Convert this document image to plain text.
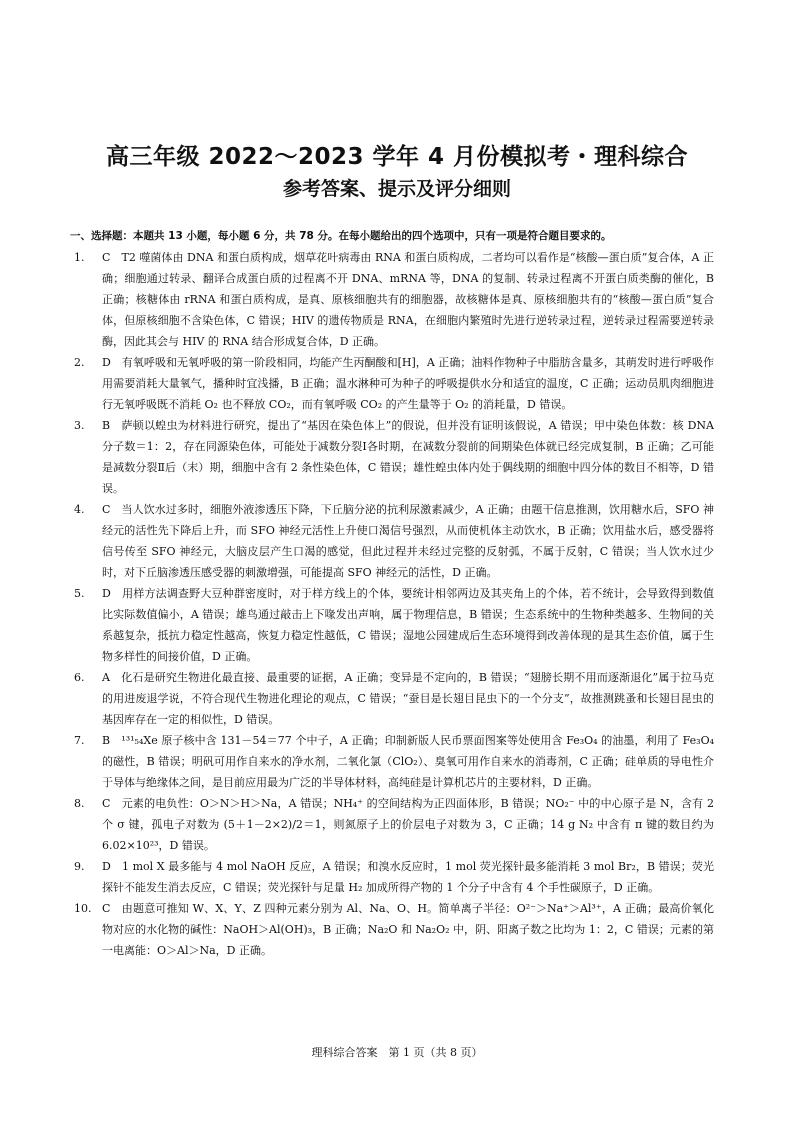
高三年级 2022～2023 学年 4 月份模拟考・理科综合
参考答案、提示及评分细则
一、选择题：本题共 13 小题，每小题 6 分，共 78 分。在每小题给出的四个选项中，只有一项是符合题目要求的。
1.	C　T2 噬菌体由 DNA 和蛋白质构成，烟草花叶病毒由 RNA 和蛋白质构成，二者均可以看作是“核酸—蛋白质”复合体，A 正确；细胞通过转录、翻译合成蛋白质的过程离不开 DNA、mRNA 等，DNA 的复制、转录过程离不开蛋白质类酶的催化，B 正确；核糖体由 rRNA 和蛋白质构成，是真、原核细胞共有的细胞器，故核糖体是真、原核细胞共有的“核酸—蛋白质”复合体，但原核细胞不含染色体，C 错误；HIV 的遗传物质是 RNA，在细胞内繁殖时先进行逆转录过程，逆转录过程需要逆转录酶，因此其会与 HIV 的 RNA 结合形成复合体，D 正确。
2.	D　有氧呼吸和无氧呼吸的第一阶段相同，均能产生丙酮酸和[H]，A 正确；油料作物种子中脂肪含量多，其萌发时进行呼吸作用需要消耗大量氧气，播种时宜浅播，B 正确；温水淋种可为种子的呼吸提供水分和适宜的温度，C 正确；运动员肌肉细胞进行无氧呼吸既不消耗 O₂ 也不释放 CO₂，而有氧呼吸 CO₂ 的产生量等于 O₂ 的消耗量，D 错误。
3.	B　萨顿以蝗虫为材料进行研究，提出了“基因在染色体上”的假说，但并没有证明该假说，A 错误；甲中染色体数：核 DNA 分子数＝1：2，存在同源染色体，可能处于减数分裂Ⅰ各时期，在减数分裂前的间期染色体就已经完成复制，B 正确；乙可能是减数分裂Ⅱ后（末）期，细胞中含有 2 条性染色体，C 错误；雄性蝗虫体内处于偶线期的细胞中四分体的数目不相等，D 错误。
4.	C　当人饮水过多时，细胞外液渗透压下降，下丘脑分泌的抗利尿激素减少，A 正确；由题干信息推测，饮用糖水后，SFO 神经元的活性先下降后上升，而 SFO 神经元活性上升使口渴信号强烈，从而使机体主动饮水，B 正确；饮用盐水后，感受器将信号传至 SFO 神经元，大脑皮层产生口渴的感觉，但此过程并未经过完整的反射弧，不属于反射，C 错误；当人饮水过少时，对下丘脑渗透压感受器的刺激增强，可能提高 SFO 神经元的活性，D 正确。
5.	D　用样方法调查野大豆种群密度时，对于样方线上的个体，要统计相邻两边及其夹角上的个体，若不统计，会导致得到数值比实际数值偏小，A 错误；雄鸟通过敲击上下喙发出声响，属于物理信息，B 错误；生态系统中的生物种类越多、生物间的关系越复杂，抵抗力稳定性越高，恢复力稳定性越低，C 错误；湿地公园建成后生态环境得到改善体现的是其生态价值，属于生物多样性的间接价值，D 正确。
6.	A　化石是研究生物进化最直接、最重要的证据，A 正确；变异是不定向的，B 错误；“翅膀长期不用而逐渐退化”属于拉马克的用进废退学说，不符合现代生物进化理论的观点，C 错误；“蚕目是长翅目昆虫下的一个分支”，故推测跳蚤和长翅目昆虫的基因库存在一定的相似性，D 错误。
7.	B　¹³¹₅₄Xe 原子核中含 131－54＝77 个中子，A 正确；印制新版人民币票面图案等处使用含 Fe₃O₄ 的油墨，利用了 Fe₃O₄ 的磁性，B 错误；明矾可用作自来水的净水剂，二氧化氯（ClO₂）、臭氧可用作自来水的消毒剂，C 正确；硅单质的导电性介于导体与绝缘体之间，是目前应用最为广泛的半导体材料，高纯硅是计算机芯片的主要材料，D 正确。
8.	C　元素的电负性：O＞N＞H＞Na，A 错误；NH₄⁺ 的空间结构为正四面体形，B 错误；NO₂⁻ 中的中心原子是 N，含有 2 个 σ 键，孤电子对数为 (5＋1－2×2)/2＝1，则氮原子上的价层电子对数为 3，C 正确；14 g N₂ 中含有 π 键的数目约为 6.02×10²³，D 错误。
9.	D　1 mol X 最多能与 4 mol NaOH 反应，A 错误；和溴水反应时，1 mol 荧光探针最多能消耗 3 mol Br₂，B 错误；荧光探针不能发生消去反应，C 错误；荧光探针与足量 H₂ 加成所得产物的 1 个分子中含有 4 个手性碳原子，D 正确。
10. C　由题意可推知 W、X、Y、Z 四种元素分别为 Al、Na、O、H。简单离子半径：O²⁻＞Na⁺＞Al³⁺，A 正确；最高价氧化物对应的水化物的碱性：NaOH＞Al(OH)₃，B 正确；Na₂O 和 Na₂O₂ 中，阴、阳离子数之比均为 1：2，C 错误；元素的第一电离能：O＞Al＞Na，D 正确。
理科综合答案　第 1 页（共 8 页）
